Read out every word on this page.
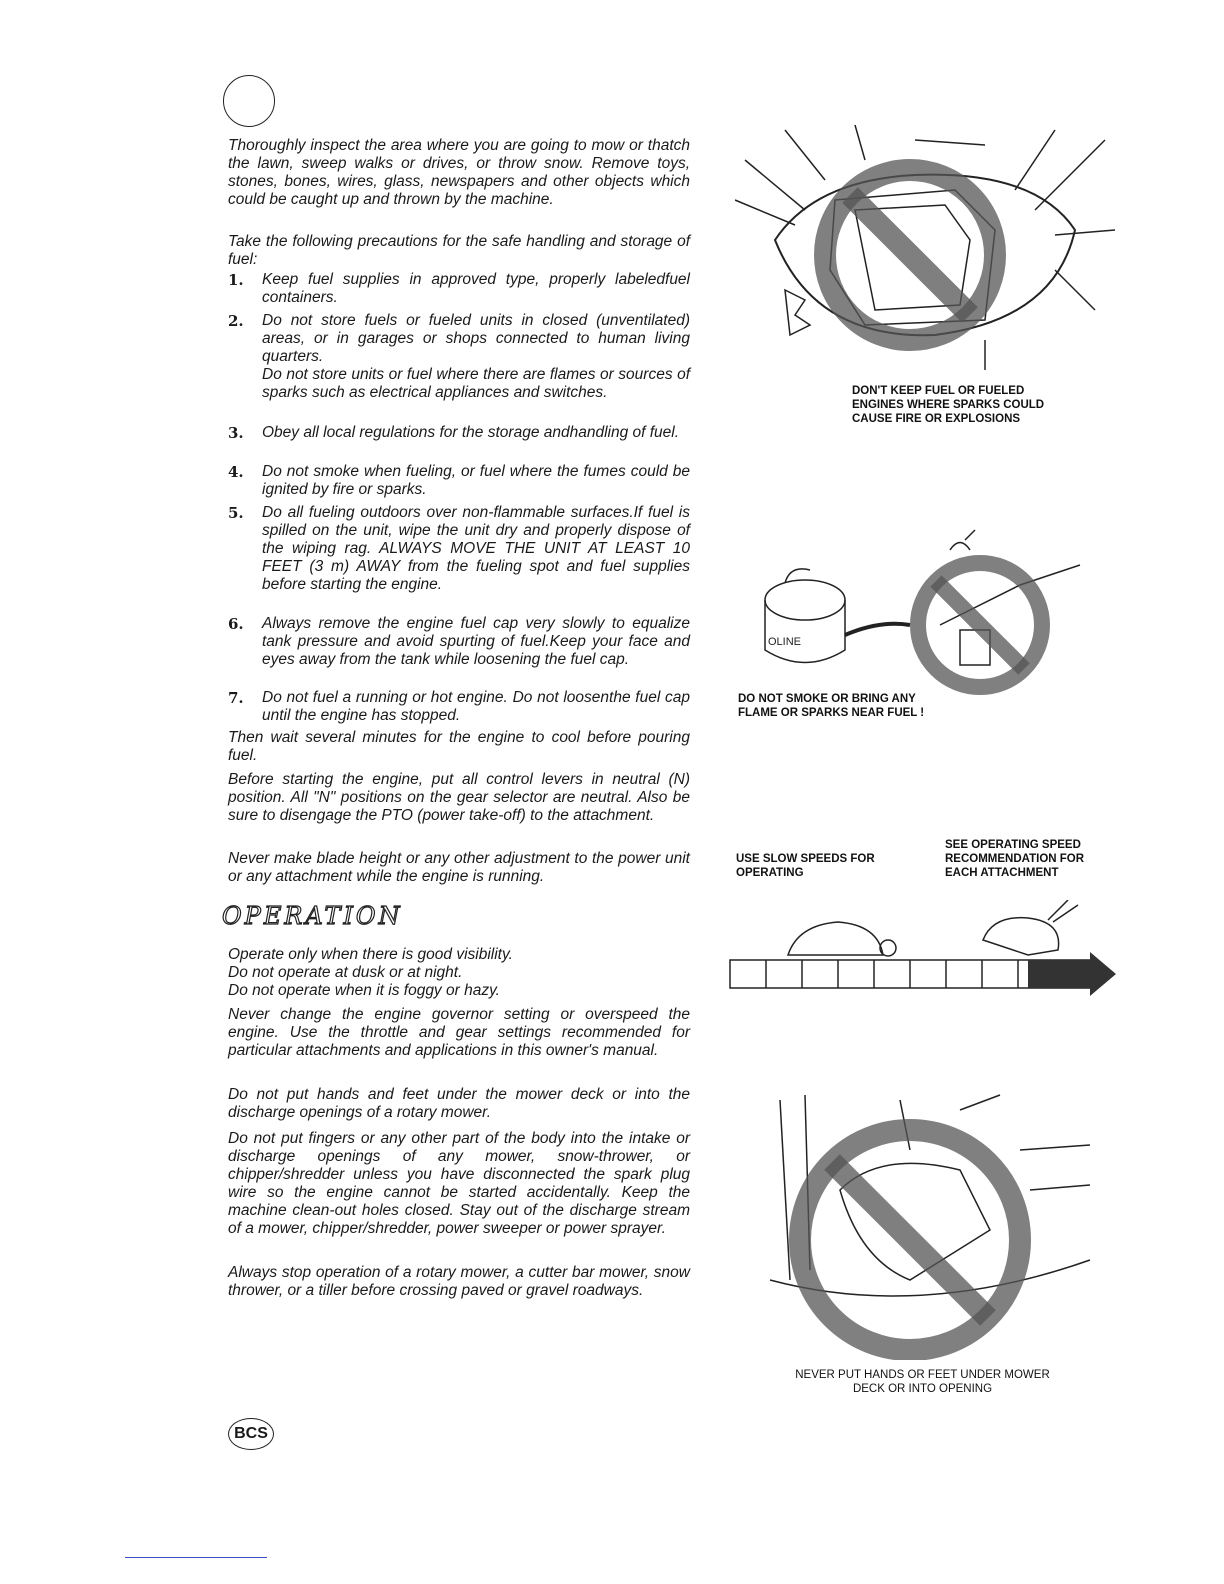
Thoroughly inspect the area where you are going to mow or thatch the lawn, sweep walks or drives, or throw snow. Remove toys, stones, bones, wires, glass, newspapers and other objects which could be caught up and thrown by the machine.

Take the following precautions for the safe handling and storage of fuel:

1.	Keep fuel supplies in approved type, properly labeledfuel containers.
2.	Do not store fuels or fueled units in closed (unventilated) areas, or in garages or shops connected to human living quarters.
Do not store units or fuel where there are flames or sources of sparks such as electrical appliances and switches.
3.	Obey all local regulations for the storage andhandling of fuel.
4.	Do not smoke when fueling, or fuel where the fumes could be ignited by fire or sparks.
5.	Do all fueling outdoors over non-flammable surfaces.If fuel is spilled on the unit, wipe the unit dry and properly dispose of the wiping rag. ALWAYS MOVE THE UNIT AT LEAST 10 FEET (3 m) AWAY from the fueling spot and fuel supplies before starting the engine.
6.	Always remove the engine fuel cap very slowly to equalize tank pressure and avoid spurting of fuel.Keep your face and eyes away from the tank while loosening the fuel cap.
7.	Do not fuel a running or hot engine. Do not loosenthe fuel cap until the engine has stopped.

Then wait several minutes for the engine to cool before pouring fuel.

Before starting the engine, put all control levers in neutral (N) position. All "N" positions on the gear selector are neutral. Also be sure to disengage the PTO (power take-off) to the attachment.

Never make blade height or any other adjustment to the power unit or any attachment while the engine is running.

OPERATION

Operate only when there is good visibility.

Do not operate at dusk or at night.

Do not operate when it is foggy or hazy.

Never change the engine governor setting or overspeed the engine. Use the throttle and gear settings recommended for particular attachments and applications in this owner's manual.

Do not put hands and feet under the mower deck or into the discharge openings of a rotary mower.

Do not put fingers or any other part of the body into the intake or discharge openings of any mower, snow-thrower, or chipper/shredder unless you have disconnected the spark plug wire so the engine cannot be started accidentally. Keep the machine clean-out holes closed. Stay out of the discharge stream of a mower, chipper/shredder, power sweeper or power sprayer.

Always stop operation of a rotary mower, a cutter bar mower, snow thrower, or a tiller before crossing paved or gravel roadways.

BCS
DON'T KEEP FUEL OR FUELED ENGINES WHERE SPARKS COULD CAUSE FIRE OR EXPLOSIONS
OLINE
DO NOT SMOKE OR BRING ANY FLAME OR SPARKS NEAR FUEL !
SEE OPERATING SPEED RECOMMENDATION FOR EACH ATTACHMENT
USE SLOW SPEEDS FOR OPERATING
NEVER PUT HANDS OR FEET UNDER MOWER
DECK OR INTO OPENING
